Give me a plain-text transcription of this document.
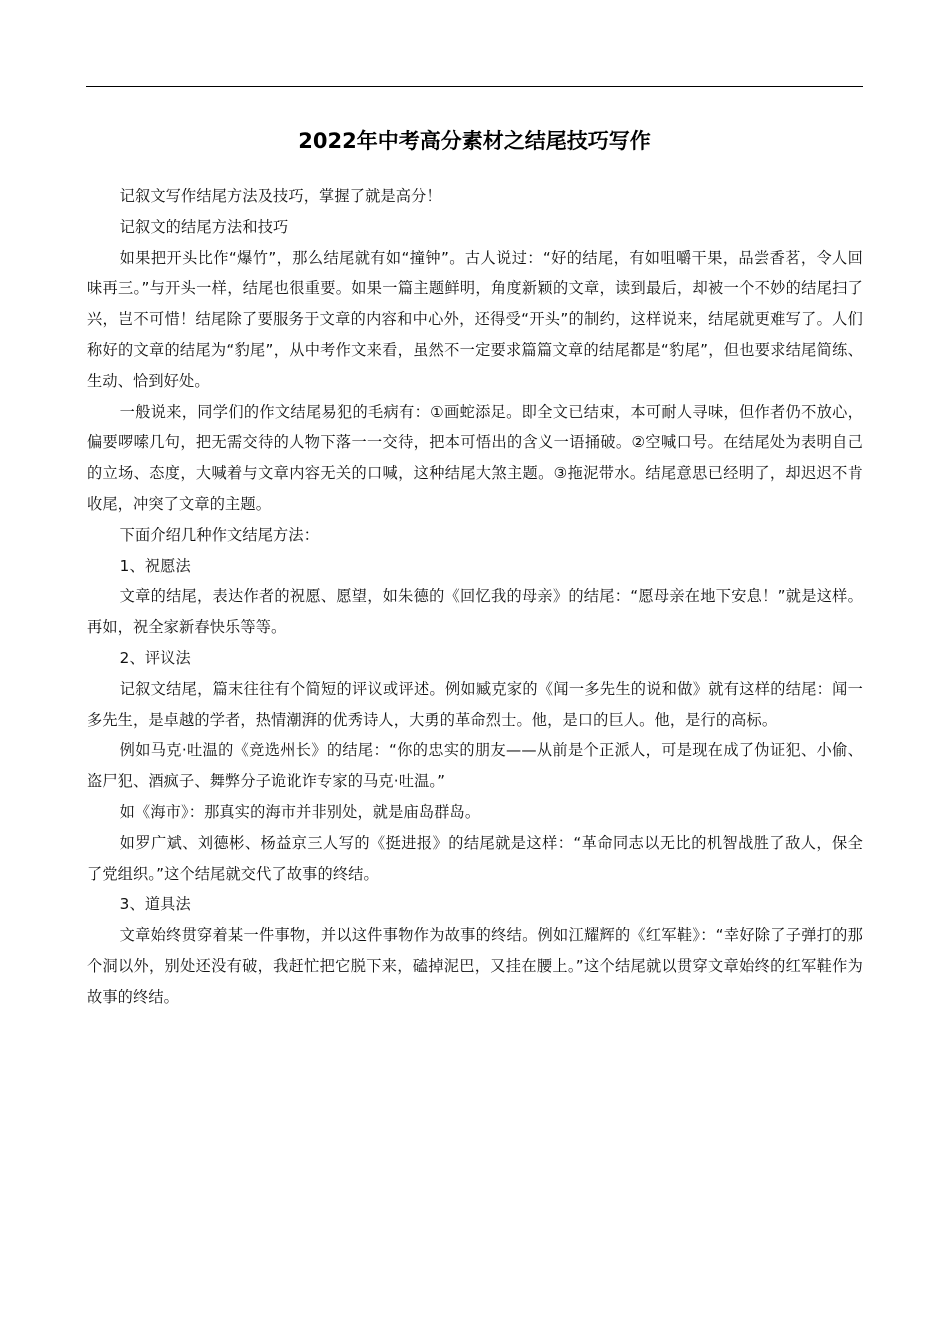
2022年中考高分素材之结尾技巧写作

记叙文写作结尾方法及技巧，掌握了就是高分！

记叙文的结尾方法和技巧

如果把开头比作“爆竹”，那么结尾就有如“撞钟”。古人说过：“好的结尾，有如咀嚼干果，品尝香茗，令人回味再三。”与开头一样，结尾也很重要。如果一篇主题鲜明，角度新颖的文章，读到最后，却被一个不妙的结尾扫了兴，岂不可惜！结尾除了要服务于文章的内容和中心外，还得受“开头”的制约，这样说来，结尾就更难写了。人们称好的文章的结尾为“豹尾”，从中考作文来看，虽然不一定要求篇篇文章的结尾都是“豹尾”，但也要求结尾简练、生动、恰到好处。

一般说来，同学们的作文结尾易犯的毛病有：①画蛇添足。即全文已结束，本可耐人寻味，但作者仍不放心，偏要啰嗦几句，把无需交待的人物下落一一交待，把本可悟出的含义一语捅破。②空喊口号。在结尾处为表明自己的立场、态度，大喊着与文章内容无关的口喊，这种结尾大煞主题。③拖泥带水。结尾意思已经明了，却迟迟不肯收尾，冲突了文章的主题。

下面介绍几种作文结尾方法：

1、祝愿法

文章的结尾，表达作者的祝愿、愿望，如朱德的《回忆我的母亲》的结尾：“愿母亲在地下安息！”就是这样。再如，祝全家新春快乐等等。

2、评议法

记叙文结尾，篇末往往有个简短的评议或评述。例如臧克家的《闻一多先生的说和做》就有这样的结尾：闻一多先生，是卓越的学者，热情潮湃的优秀诗人，大勇的革命烈士。他，是口的巨人。他，是行的高标。

例如马克·吐温的《竞选州长》的结尾：“你的忠实的朋友——从前是个正派人，可是现在成了伪证犯、小偷、盗尸犯、酒疯子、舞弊分子诡讹诈专家的马克·吐温。”

如《海市》：那真实的海市并非别处，就是庙岛群岛。

如罗广斌、刘德彬、杨益京三人写的《挺进报》的结尾就是这样：“革命同志以无比的机智战胜了敌人，保全了党组织。”这个结尾就交代了故事的终结。

3、道具法

文章始终贯穿着某一件事物，并以这件事物作为故事的终结。例如江耀辉的《红军鞋》：“幸好除了子弹打的那个洞以外，别处还没有破，我赶忙把它脱下来，磕掉泥巴，又挂在腰上。”这个结尾就以贯穿文章始终的红军鞋作为故事的终结。
